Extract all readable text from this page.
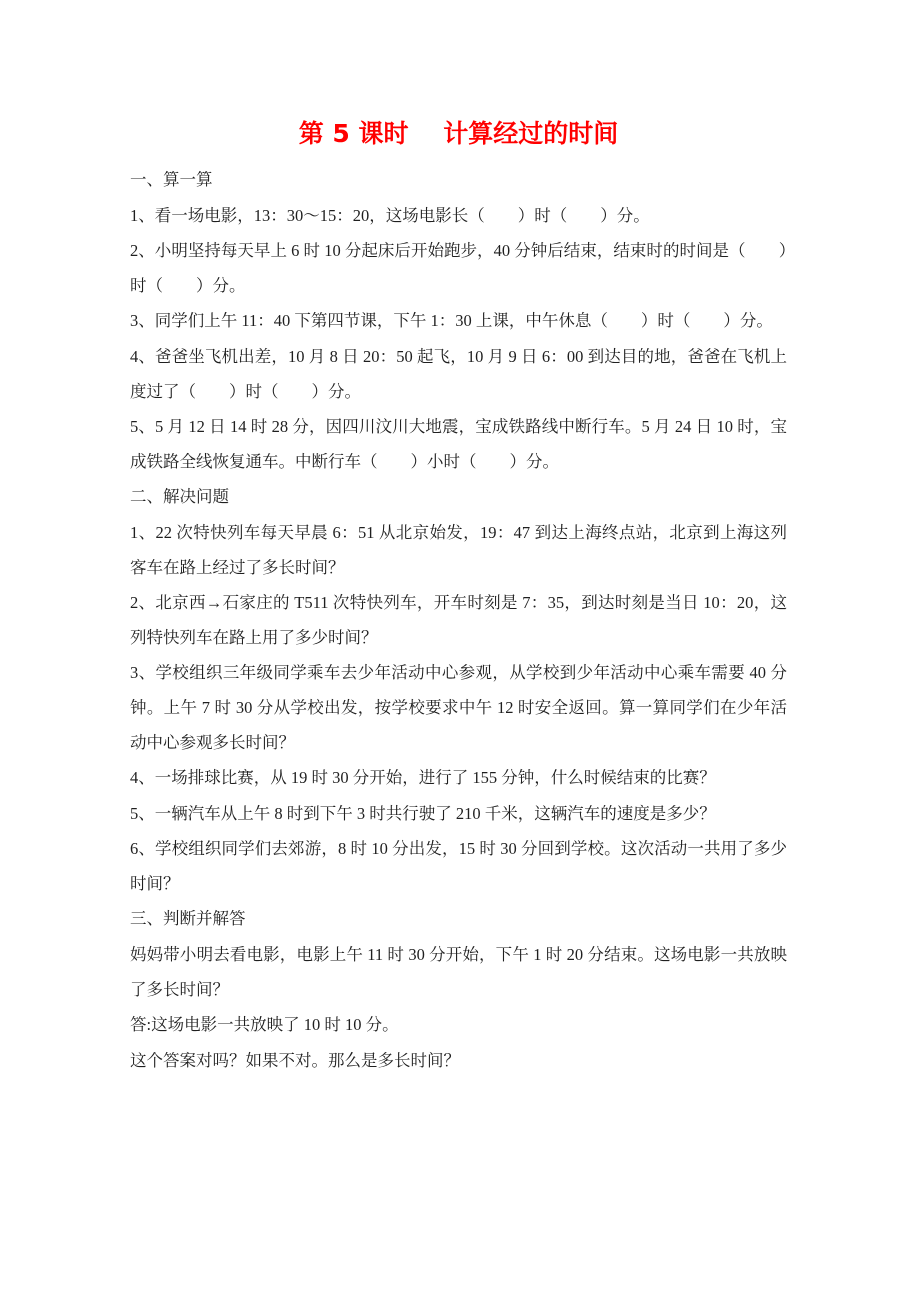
第 5 课时    计算经过的时间

一、算一算

1、看一场电影，13：30～15：20，这场电影长（        ）时（        ）分。

2、小明坚持每天早上 6 时 10 分起床后开始跑步，40 分钟后结束，结束时的时间是（        ）时（        ）分。

3、同学们上午 11：40 下第四节课，下午 1：30 上课，中午休息（        ）时（        ）分。

4、爸爸坐飞机出差，10 月 8 日 20：50 起飞，10 月 9 日 6：00 到达目的地，爸爸在飞机上度过了（        ）时（        ）分。

5、5 月 12 日 14 时 28 分，因四川汶川大地震，宝成铁路线中断行车。5 月 24 日 10 时，宝成铁路全线恢复通车。中断行车（        ）小时（        ）分。

二、解决问题

1、22 次特快列车每天早晨 6：51 从北京始发，19：47 到达上海终点站，北京到上海这列客车在路上经过了多长时间？

2、北京西→石家庄的 T511 次特快列车，开车时刻是 7：35，到达时刻是当日 10：20，这列特快列车在路上用了多少时间？

3、学校组织三年级同学乘车去少年活动中心参观，从学校到少年活动中心乘车需要 40 分钟。上午 7 时 30 分从学校出发，按学校要求中午 12 时安全返回。算一算同学们在少年活动中心参观多长时间？

4、一场排球比赛，从 19 时 30 分开始，进行了 155 分钟，什么时候结束的比赛？

5、一辆汽车从上午 8 时到下午 3 时共行驶了 210 千米，这辆汽车的速度是多少？

6、学校组织同学们去郊游，8 时 10 分出发，15 时 30 分回到学校。这次活动一共用了多少时间？

三、判断并解答

妈妈带小明去看电影，电影上午 11 时 30 分开始，下午 1 时 20 分结束。这场电影一共放映了多长时间？

答:这场电影一共放映了 10 时 10 分。

这个答案对吗？如果不对。那么是多长时间？
